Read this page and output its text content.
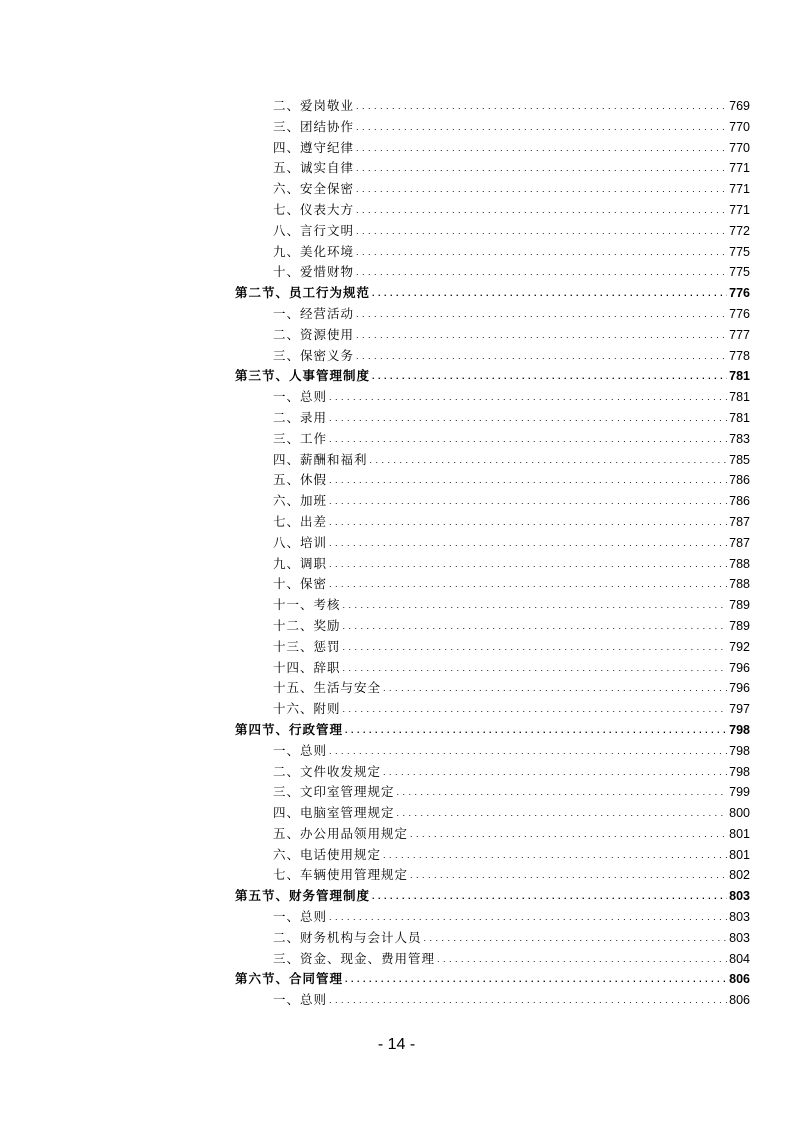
二、爱岗敬业 . . .	769
三、团结协作 . . .	770
四、遵守纪律 . . .	770
五、诚实自律 . . .	771
六、安全保密 . . .	771
七、仪表大方 . . .	771
八、言行文明 . . .	772
九、美化环境 . . .	775
十、爱惜财物 . . .	775
第二节、员工行为规范 . . .	776
一、经营活动 . . .	776
二、资源使用 . . .	777
三、保密义务 . . .	778
第三节、人事管理制度 . . .	781
一、总则 . . .	781
二、录用 . . .	781
三、工作 . . .	783
四、薪酬和福利 . . .	785
五、休假 . . .	786
六、加班 . . .	786
七、出差 . . .	787
八、培训 . . .	787
九、调职 . . .	788
十、保密 . . .	788
十一、考核 . . .	789
十二、奖励 . . .	789
十三、惩罚 . . .	792
十四、辞职 . . .	796
十五、生活与安全 . . .	796
十六、附则 . . .	797
第四节、行政管理 . . .	798
一、总则 . . .	798
二、文件收发规定 . . .	798
三、文印室管理规定 . . .	799
四、电脑室管理规定 . . .	800
五、办公用品领用规定 . . .	801
六、电话使用规定 . . .	801
七、车辆使用管理规定 . . .	802
第五节、财务管理制度 . . .	803
一、总则 . . .	803
二、财务机构与会计人员 . . .	803
三、资金、现金、费用管理 . . .	804
第六节、合同管理 . . .	806
一、总则 . . .	806
- 14 -
